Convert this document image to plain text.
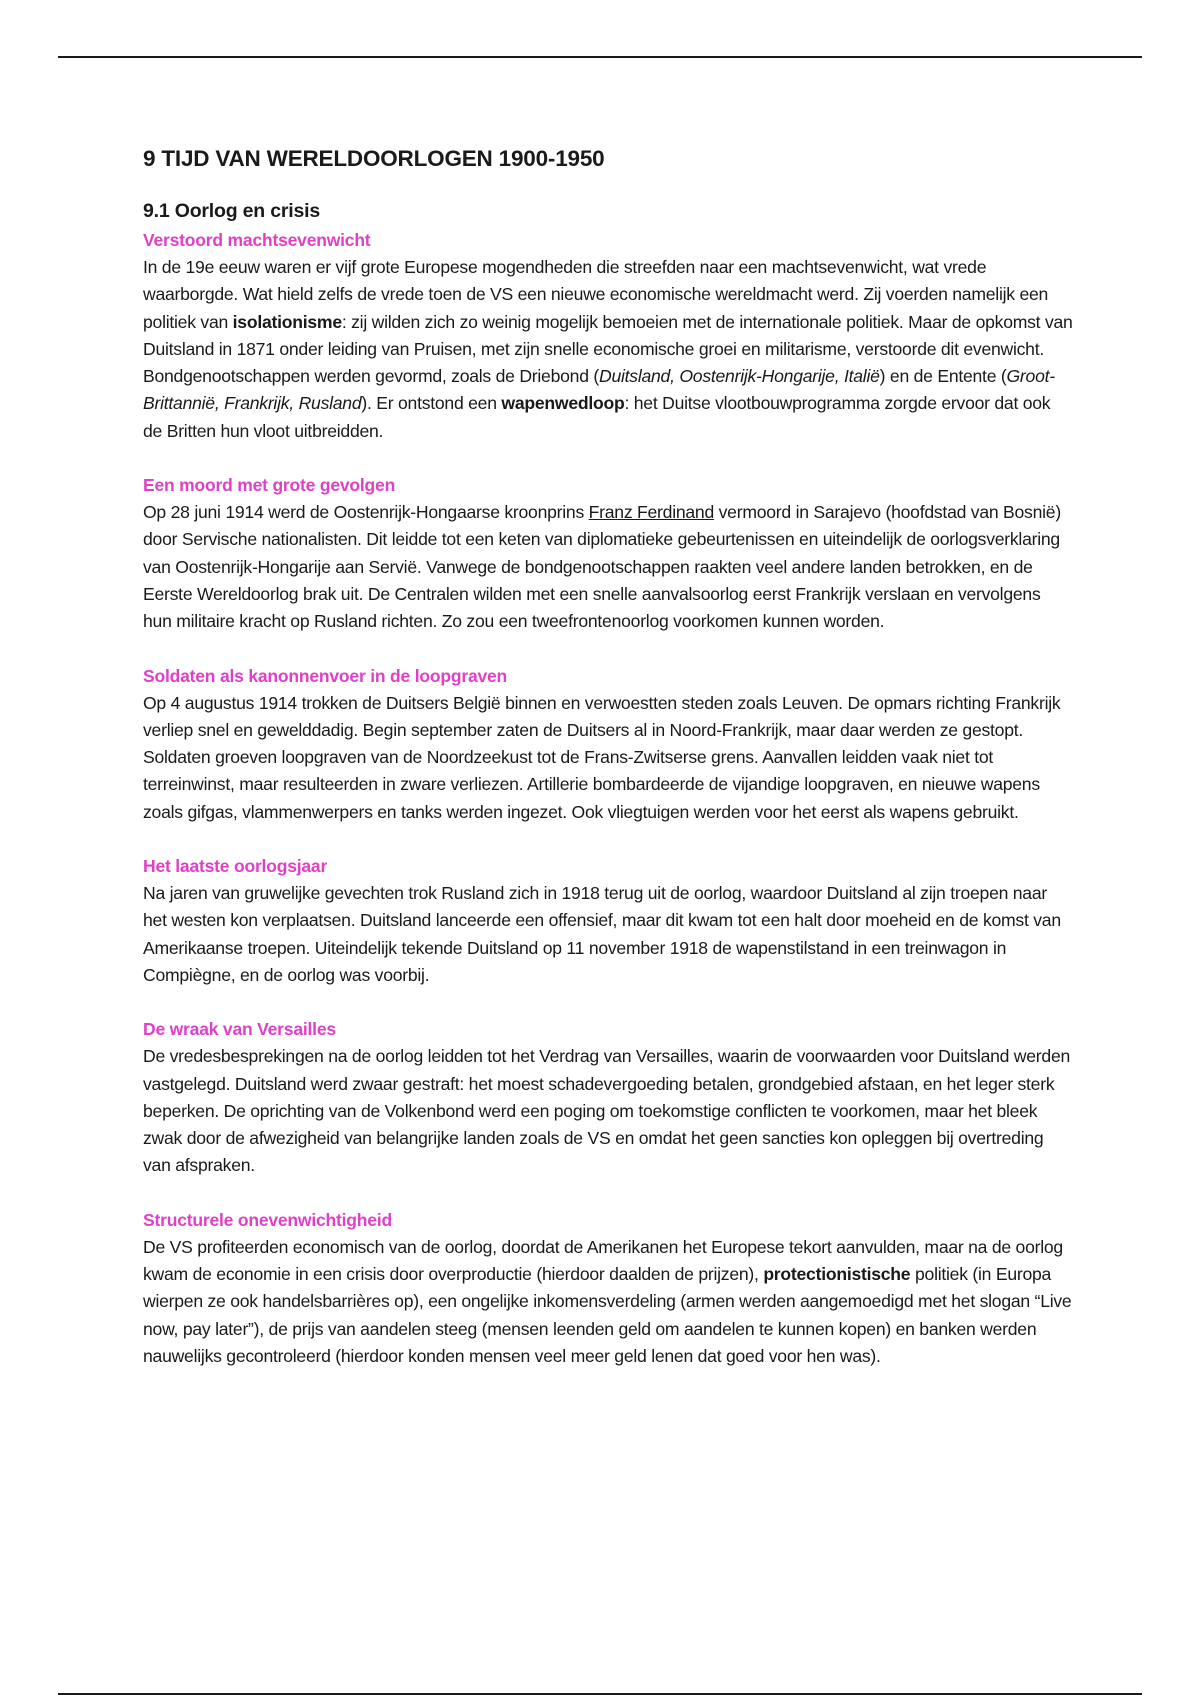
9 TIJD VAN WERELDOORLOGEN 1900-1950
9.1 Oorlog en crisis
Verstoord machtsevenwicht

In de 19e eeuw waren er vijf grote Europese mogendheden die streefden naar een machtsevenwicht, wat vrede waarborgde. Wat hield zelfs de vrede toen de VS een nieuwe economische wereldmacht werd. Zij voerden namelijk een politiek van isolationisme: zij wilden zich zo weinig mogelijk bemoeien met de internationale politiek. Maar de opkomst van Duitsland in 1871 onder leiding van Pruisen, met zijn snelle economische groei en militarisme, verstoorde dit evenwicht. Bondgenootschappen werden gevormd, zoals de Driebond (Duitsland, Oostenrijk-Hongarije, Italië) en de Entente (Groot-Brittannië, Frankrijk, Rusland). Er ontstond een wapenwedloop: het Duitse vlootbouwprogramma zorgde ervoor dat ook de Britten hun vloot uitbreidden.

Een moord met grote gevolgen

Op 28 juni 1914 werd de Oostenrijk-Hongaarse kroonprins Franz Ferdinand vermoord in Sarajevo (hoofdstad van Bosnië) door Servische nationalisten. Dit leidde tot een keten van diplomatieke gebeurtenissen en uiteindelijk de oorlogsverklaring van Oostenrijk-Hongarije aan Servië. Vanwege de bondgenootschappen raakten veel andere landen betrokken, en de Eerste Wereldoorlog brak uit. De Centralen wilden met een snelle aanvalsoorlog eerst Frankrijk verslaan en vervolgens hun militaire kracht op Rusland richten. Zo zou een tweefrontenoorlog voorkomen kunnen worden.

Soldaten als kanonnenvoer in de loopgraven

Op 4 augustus 1914 trokken de Duitsers België binnen en verwoestten steden zoals Leuven. De opmars richting Frankrijk verliep snel en gewelddadig. Begin september zaten de Duitsers al in Noord-Frankrijk, maar daar werden ze gestopt. Soldaten groeven loopgraven van de Noordzeekust tot de Frans-Zwitserse grens. Aanvallen leidden vaak niet tot terreinwinst, maar resulteerden in zware verliezen. Artillerie bombardeerde de vijandige loopgraven, en nieuwe wapens zoals gifgas, vlammenwerpers en tanks werden ingezet. Ook vliegtuigen werden voor het eerst als wapens gebruikt.

Het laatste oorlogsjaar

Na jaren van gruwelijke gevechten trok Rusland zich in 1918 terug uit de oorlog, waardoor Duitsland al zijn troepen naar het westen kon verplaatsen. Duitsland lanceerde een offensief, maar dit kwam tot een halt door moeheid en de komst van Amerikaanse troepen. Uiteindelijk tekende Duitsland op 11 november 1918 de wapenstilstand in een treinwagon in Compiègne, en de oorlog was voorbij.

De wraak van Versailles

De vredesbesprekingen na de oorlog leidden tot het Verdrag van Versailles, waarin de voorwaarden voor Duitsland werden vastgelegd. Duitsland werd zwaar gestraft: het moest schadevergoeding betalen, grondgebied afstaan, en het leger sterk beperken. De oprichting van de Volkenbond werd een poging om toekomstige conflicten te voorkomen, maar het bleek zwak door de afwezigheid van belangrijke landen zoals de VS en omdat het geen sancties kon opleggen bij overtreding van afspraken.

Structurele onevenwichtigheid

De VS profiteerden economisch van de oorlog, doordat de Amerikanen het Europese tekort aanvulden, maar na de oorlog kwam de economie in een crisis door overproductie (hierdoor daalden de prijzen), protectionistische politiek (in Europa wierpen ze ook handelsbarrières op), een ongelijke inkomensverdeling (armen werden aangemoedigd met het slogan “Live now, pay later”), de prijs van aandelen steeg (mensen leenden geld om aandelen te kunnen kopen) en banken werden nauwelijks gecontroleerd (hierdoor konden mensen veel meer geld lenen dat goed voor hen was).
